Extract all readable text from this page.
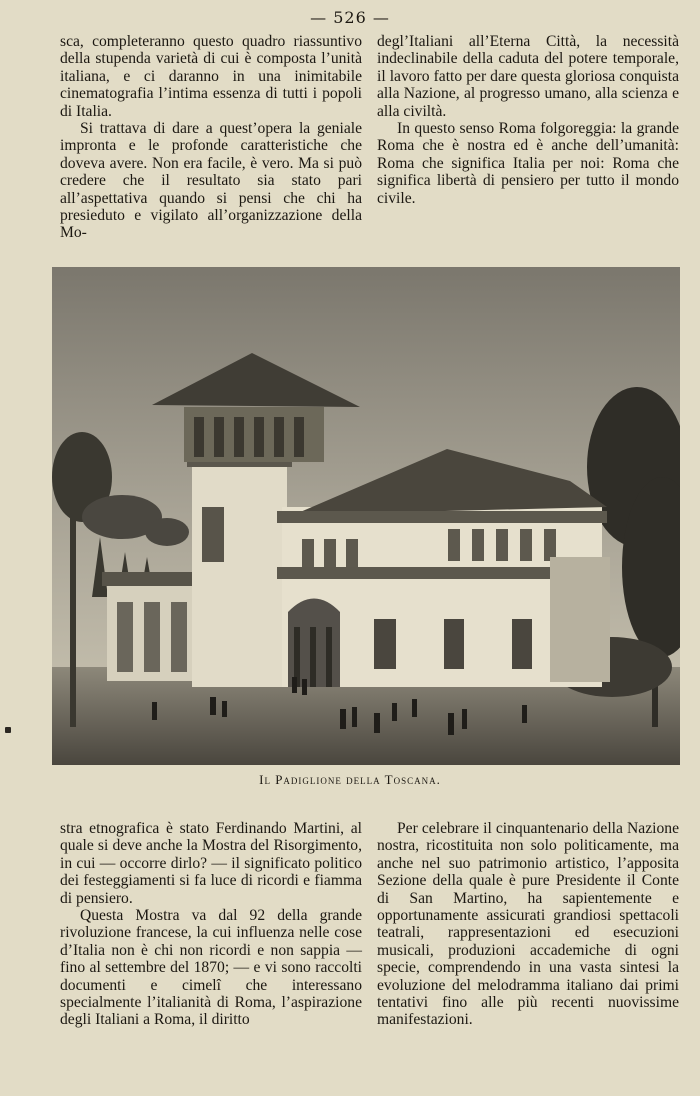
— 526 —

sca, completeranno questo quadro riassuntivo della stupenda varietà di cui è composta l’unità italiana, e ci daranno in una inimitabile cinematografia l’intima essenza di tutti i popoli di Italia.

Si trattava di dare a quest’opera la geniale impronta e le profonde caratteristiche che doveva avere. Non era facile, è vero. Ma si può credere che il resultato sia stato pari all’aspettativa quando si pensi che chi ha presieduto e vigilato all’organizzazione della Mo-

degl’Italiani all’Eterna Città, la necessità indeclinabile della caduta del potere temporale, il lavoro fatto per dare questa gloriosa conquista alla Nazione, al progresso umano, alla scienza e alla civiltà.

In questo senso Roma folgoreggia: la grande Roma che è nostra ed è anche dell’umanità: Roma che significa Italia per noi: Roma che significa libertà di pensiero per tutto il mondo civile.

Il Padiglione della Toscana.

stra etnografica è stato Ferdinando Martini, al quale si deve anche la Mostra del Risorgimento, in cui — occorre dirlo? — il significato politico dei festeggiamenti si fa luce di ricordi e fiamma di pensiero.

Questa Mostra va dal 92 della grande rivoluzione francese, la cui influenza nelle cose d’Italia non è chi non ricordi e non sappia — fino al settembre del 1870; — e vi sono raccolti documenti e cimelî che interessano specialmente l’italianità di Roma, l’aspirazione degli Italiani a Roma, il diritto

Per celebrare il cinquantenario della Nazione nostra, ricostituita non solo politicamente, ma anche nel suo patrimonio artistico, l’apposita Sezione della quale è pure Presidente il Conte di San Martino, ha sapientemente e opportunamente assicurati grandiosi spettacoli teatrali, rappresentazioni ed esecuzioni musicali, produzioni accademiche di ogni specie, comprendendo in una vasta sintesi la evoluzione del melodramma italiano dai primi tentativi fino alle più recenti nuovissime manifestazioni.
